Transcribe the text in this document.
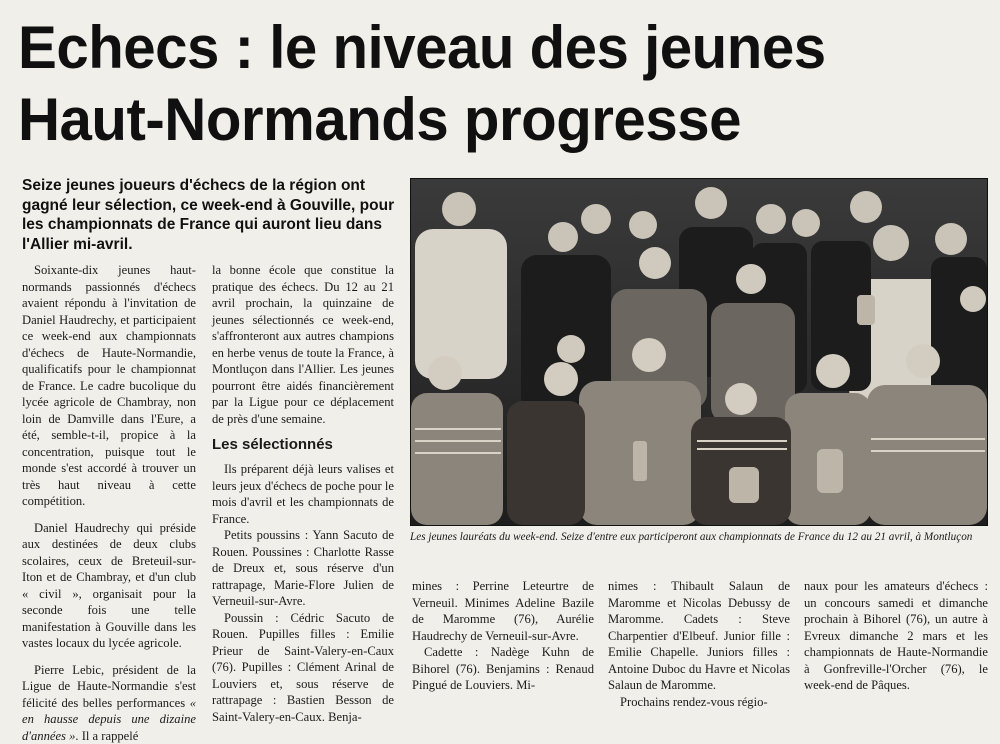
Echecs : le niveau des jeunes
Haut-Normands progresse

Seize jeunes joueurs d'échecs de la région ont gagné leur sélection, ce week-end à Gouville, pour les championnats de France qui auront lieu dans l'Allier mi-avril.

Soixante-dix jeunes haut-normands passionnés d'échecs avaient répondu à l'invitation de Daniel Haudrechy, et participaient ce week-end aux championnats d'échecs de Haute-Normandie, qualificatifs pour le championnat de France. Le cadre bucolique du lycée agricole de Chambray, non loin de Damville dans l'Eure, a été, semble-t-il, propice à la concentration, puisque tout le monde s'est accordé à trouver un très haut niveau à cette compétition.

Daniel Haudrechy qui préside aux destinées de deux clubs scolaires, ceux de Breteuil-sur-Iton et de Chambray, et d'un club « civil », organisait pour la seconde fois une telle manifestation à Gouville dans les vastes locaux du lycée agricole.

Pierre Lebic, président de la Ligue de Haute-Normandie s'est félicité des belles performances « en hausse depuis une dizaine d'années ». Il a rappelé

la bonne école que constitue la pratique des échecs. Du 12 au 21 avril prochain, la quinzaine de jeunes sélectionnés ce week-end, s'affronteront aux autres champions en herbe venus de toute la France, à Montluçon dans l'Allier. Les jeunes pourront être aidés financièrement par la Ligue pour ce déplacement de près d'une semaine.

Les sélectionnés

Ils préparent déjà leurs valises et leurs jeux d'échecs de poche pour le mois d'avril et les championnats de France.

Petits poussins : Yann Sacuto de Rouen. Poussines : Charlotte Rasse de Dreux et, sous réserve d'un rattrapage, Marie-Flore Julien de Verneuil-sur-Avre.

Poussin : Cédric Sacuto de Rouen. Pupilles filles : Emilie Prieur de Saint-Valery-en-Caux (76). Pupilles : Clément Arinal de Louviers et, sous réserve de rattrapage : Bastien Besson de Saint-Valery-en-Caux. Benja-

Les jeunes lauréats du week-end. Seize d'entre eux participeront aux championnats de France du 12 au 21 avril, à Montluçon

mines : Perrine Leteurtre de Verneuil. Minimes Adeline Bazile de Maromme (76), Aurélie Haudrechy de Verneuil-sur-Avre.

Cadette : Nadège Kuhn de Bihorel (76). Benjamins : Renaud Pingué de Louviers. Mi-

nimes : Thibault Salaun de Maromme et Nicolas Debussy de Maromme. Cadets : Steve Charpentier d'Elbeuf. Junior fille : Emilie Chapelle. Juniors filles : Antoine Duboc du Havre et Nicolas Salaun de Maromme.

Prochains rendez-vous régio-

naux pour les amateurs d'échecs : un concours samedi et dimanche prochain à Bihorel (76), un autre à Evreux dimanche 2 mars et les championnats de Haute-Normandie à Gonfreville-l'Orcher (76), le week-end de Pâques.
